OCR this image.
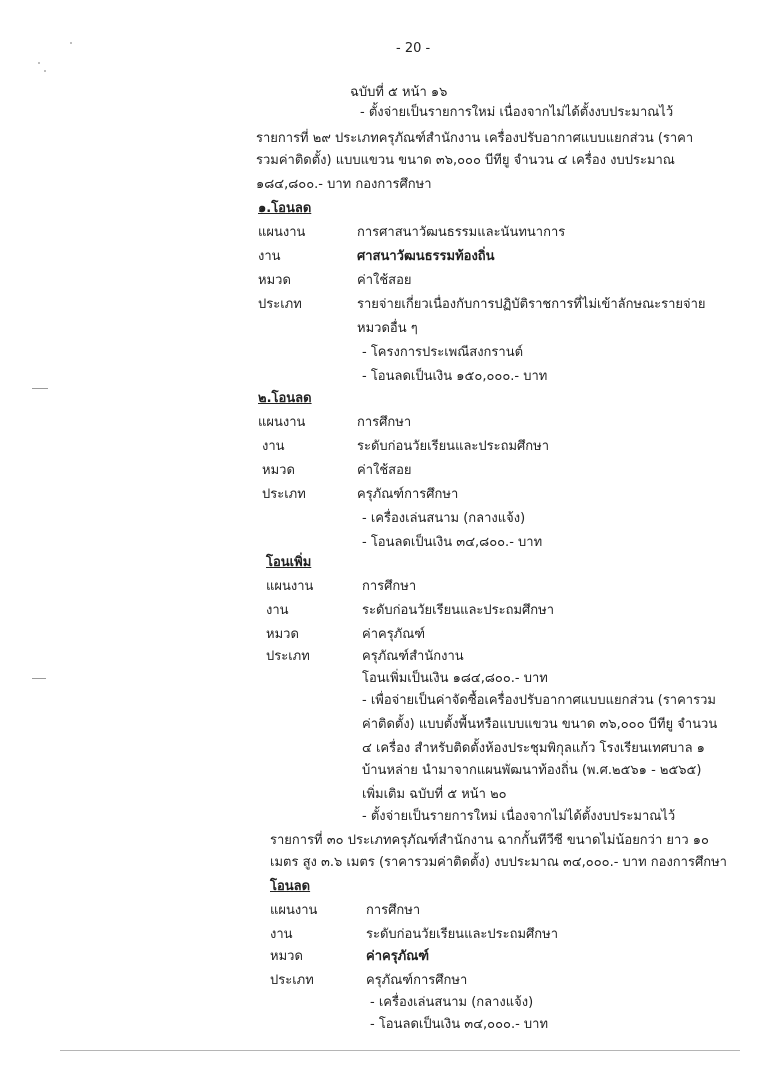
- 20 -
ฉบับที่ ๕ หน้า ๑๖
- ตั้งจ่ายเป็นรายการใหม่ เนื่องจากไม่ได้ตั้งงบประมาณไว้
รายการที่ ๒๙ ประเภทครุภัณฑ์สำนักงาน เครื่องปรับอากาศแบบแยกส่วน (ราคา
รวมค่าติดตั้ง) แบบแขวน ขนาด ๓๖,๐๐๐ บีทียู จำนวน ๔ เครื่อง งบประมาณ
๑๘๔,๘๐๐.- บาท กองการศึกษา
๑.โอนลด
แผนงาน	การศาสนาวัฒนธรรมและนันทนาการ
งาน	ศาสนาวัฒนธรรมท้องถิ่น
หมวด	ค่าใช้สอย
ประเภท	รายจ่ายเกี่ยวเนื่องกับการปฏิบัติราชการที่ไม่เข้าลักษณะรายจ่าย
หมวดอื่น ๆ
- โครงการประเพณีสงกรานต์
- โอนลดเป็นเงิน ๑๕๐,๐๐๐.- บาท
๒.โอนลด
แผนงาน	การศึกษา
งาน	ระดับก่อนวัยเรียนและประถมศึกษา
หมวด	ค่าใช้สอย
ประเภท	ครุภัณฑ์การศึกษา
- เครื่องเล่นสนาม (กลางแจ้ง)
- โอนลดเป็นเงิน ๓๔,๘๐๐.- บาท
โอนเพิ่ม
แผนงาน	การศึกษา
งาน	ระดับก่อนวัยเรียนและประถมศึกษา
หมวด	ค่าครุภัณฑ์
ประเภท	ครุภัณฑ์สำนักงาน
โอนเพิ่มเป็นเงิน ๑๘๔,๘๐๐.- บาท
- เพื่อจ่ายเป็นค่าจัดซื้อเครื่องปรับอากาศแบบแยกส่วน (ราคารวม
ค่าติดตั้ง) แบบตั้งพื้นหรือแบบแขวน ขนาด ๓๖,๐๐๐ บีทียู จำนวน
๔ เครื่อง สำหรับติดตั้งห้องประชุมพิกุลแก้ว โรงเรียนเทศบาล ๑
บ้านหล่าย นำมาจากแผนพัฒนาท้องถิ่น (พ.ศ.๒๕๖๑ - ๒๕๖๕)
เพิ่มเติม ฉบับที่ ๕ หน้า ๒๐
- ตั้งจ่ายเป็นรายการใหม่ เนื่องจากไม่ได้ตั้งงบประมาณไว้
รายการที่ ๓๐ ประเภทครุภัณฑ์สำนักงาน ฉากกั้นทีวีซี ขนาดไม่น้อยกว่า ยาว ๑๐
เมตร สูง ๓.๖ เมตร (ราคารวมค่าติดตั้ง) งบประมาณ ๓๔,๐๐๐.- บาท กองการศึกษา
โอนลด
แผนงาน	การศึกษา
งาน	ระดับก่อนวัยเรียนและประถมศึกษา
หมวด	ค่าครุภัณฑ์
ประเภท	ครุภัณฑ์การศึกษา
- เครื่องเล่นสนาม (กลางแจ้ง)
- โอนลดเป็นเงิน ๓๔,๐๐๐.- บาท
